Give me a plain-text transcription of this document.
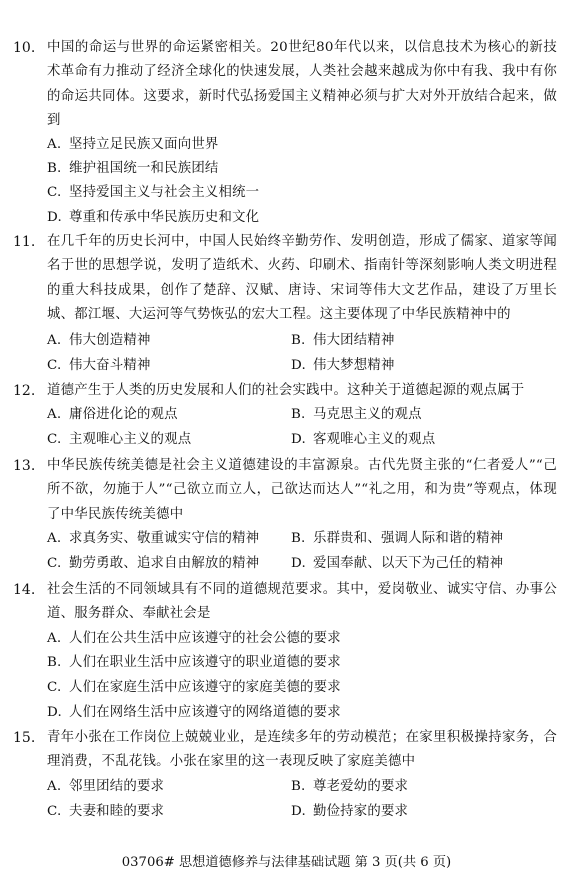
10. 中国的命运与世界的命运紧密相关。20世纪80年代以来，以信息技术为核心的新技术革命有力推动了经济全球化的快速发展，人类社会越来越成为你中有我、我中有你的命运共同体。这要求，新时代弘扬爱国主义精神必须与扩大对外开放结合起来，做到
A. 坚持立足民族又面向世界
B. 维护祖国统一和民族团结
C. 坚持爱国主义与社会主义相统一
D. 尊重和传承中华民族历史和文化
11. 在几千年的历史长河中，中国人民始终辛勤劳作、发明创造，形成了儒家、道家等闻名于世的思想学说，发明了造纸术、火药、印刷术、指南针等深刻影响人类文明进程的重大科技成果，创作了楚辞、汉赋、唐诗、宋词等伟大文艺作品，建设了万里长城、都江堰、大运河等气势恢弘的宏大工程。这主要体现了中华民族精神中的
A. 伟大创造精神	B. 伟大团结精神
C. 伟大奋斗精神	D. 伟大梦想精神
12. 道德产生于人类的历史发展和人们的社会实践中。这种关于道德起源的观点属于
A. 庸俗进化论的观点	B. 马克思主义的观点
C. 主观唯心主义的观点	D. 客观唯心主义的观点
13. 中华民族传统美德是社会主义道德建设的丰富源泉。古代先贤主张的“仁者爱人”“己所不欲，勿施于人”“己欲立而立人，己欲达而达人”“礼之用，和为贵”等观点，体现了中华民族传统美德中
A. 求真务实、敬重诚实守信的精神 B. 乐群贵和、强调人际和谐的精神
C. 勤劳勇敢、追求自由解放的精神 D. 爱国奉献、以天下为己任的精神
14. 社会生活的不同领域具有不同的道德规范要求。其中，爱岗敬业、诚实守信、办事公道、服务群众、奉献社会是
A. 人们在公共生活中应该遵守的社会公德的要求
B. 人们在职业生活中应该遵守的职业道德的要求
C. 人们在家庭生活中应该遵守的家庭美德的要求
D. 人们在网络生活中应该遵守的网络道德的要求
15. 青年小张在工作岗位上兢兢业业，是连续多年的劳动模范；在家里积极操持家务，合理消费，不乱花钱。小张在家里的这一表现反映了家庭美德中
A. 邻里团结的要求	B. 尊老爱幼的要求
C. 夫妻和睦的要求	D. 勤俭持家的要求
03706# 思想道德修养与法律基础试题 第 3 页(共 6 页)
